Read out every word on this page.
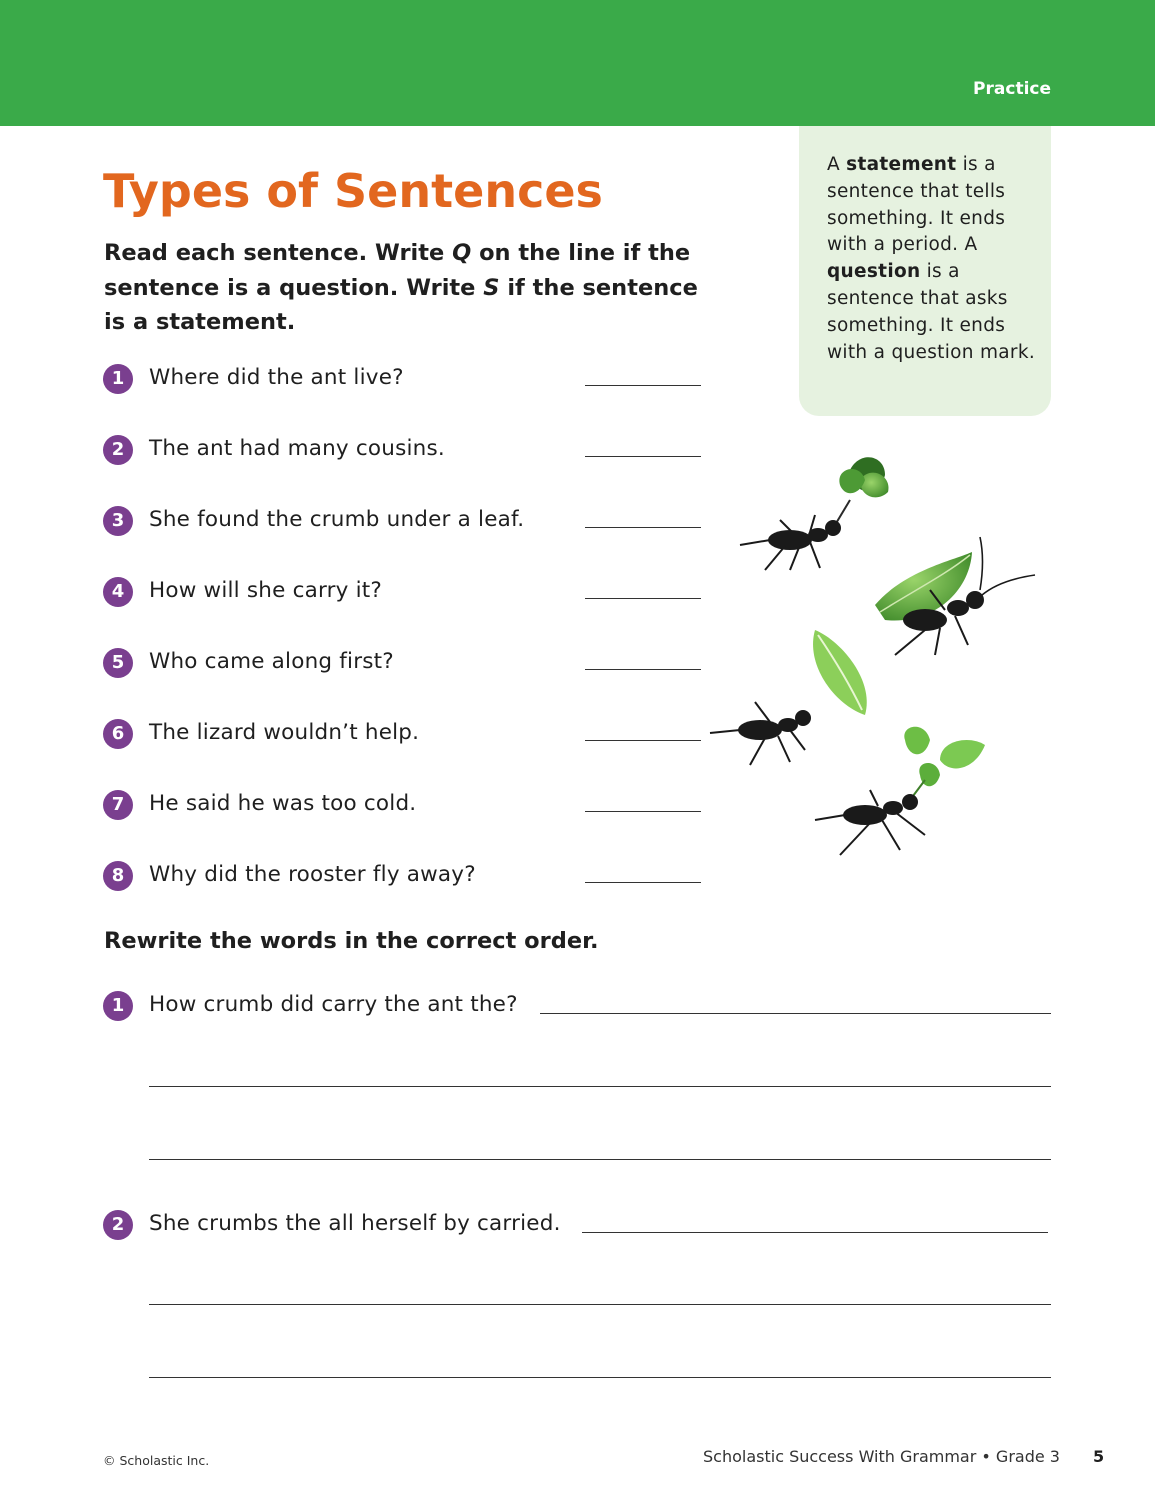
Practice
A statement is a sentence that tells something. It ends with a period. A question is a sentence that asks something. It ends with a question mark.
Types of Sentences

Read each sentence. Write Q on the line if the sentence is a question. Write S if the sentence is a statement.

1	Where did the ant live?
2	The ant had many cousins.
3	She found the crumb under a leaf.
4	How will she carry it?
5	Who came along first?
6	The lizard wouldn’t help.
7	He said he was too cold.
8	Why did the rooster fly away?
Rewrite the words in the correct order.
1	How crumb did carry the ant the?
2	She crumbs the all herself by carried.
© Scholastic Inc.	Scholastic Success With Grammar • Grade 3 5
